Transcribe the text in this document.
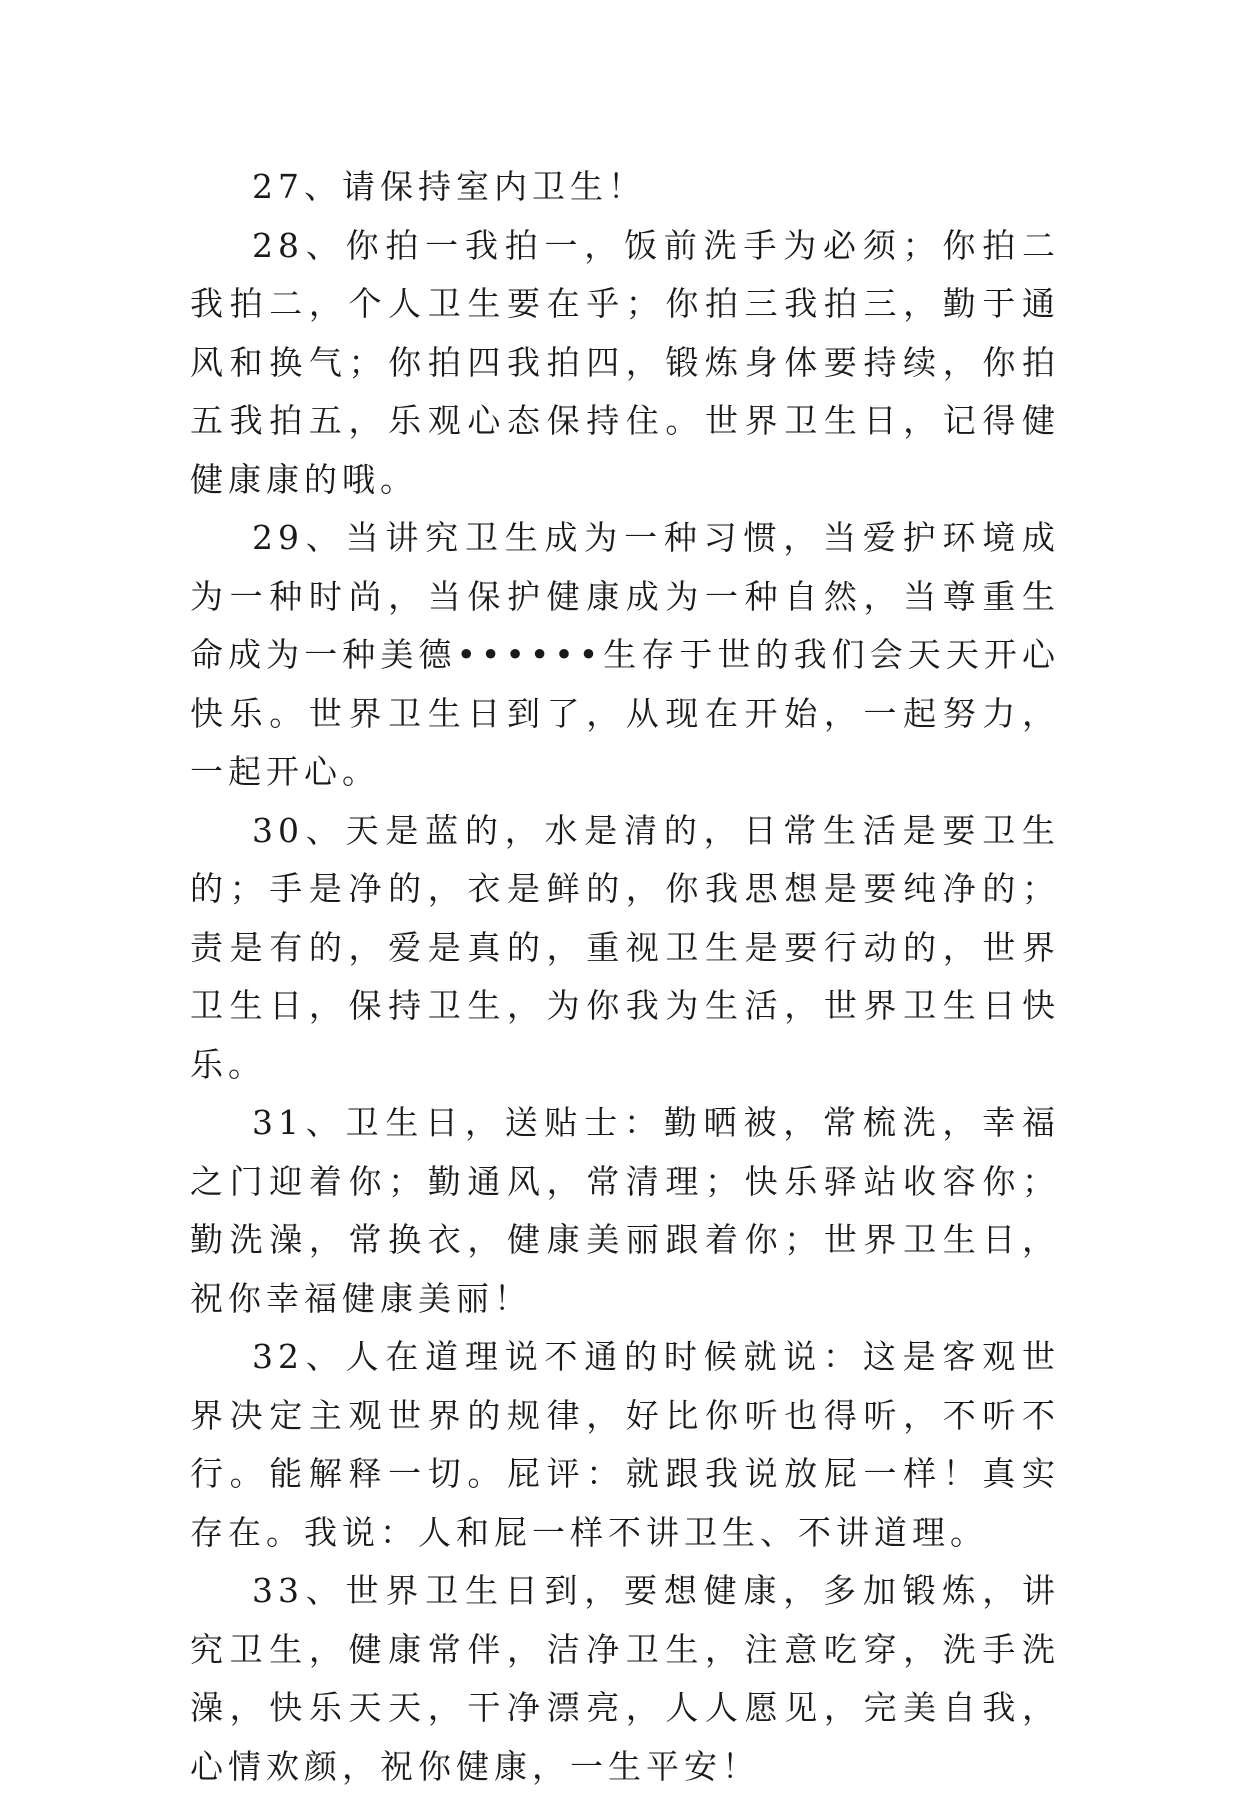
27、请保持室内卫生！

28、你拍一我拍一，饭前洗手为必须；你拍二我拍二，个人卫生要在乎；你拍三我拍三，勤于通风和换气；你拍四我拍四，锻炼身体要持续，你拍五我拍五，乐观心态保持住。世界卫生日，记得健健康康的哦。

29、当讲究卫生成为一种习惯，当爱护环境成为一种时尚，当保护健康成为一种自然，当尊重生命成为一种美德••••••生存于世的我们会天天开心快乐。世界卫生日到了，从现在开始，一起努力，一起开心。

30、天是蓝的，水是清的，日常生活是要卫生的；手是净的，衣是鲜的，你我思想是要纯净的；责是有的，爱是真的，重视卫生是要行动的，世界卫生日，保持卫生，为你我为生活，世界卫生日快乐。

31、卫生日，送贴士：勤晒被，常梳洗，幸福之门迎着你；勤通风，常清理；快乐驿站收容你；勤洗澡，常换衣，健康美丽跟着你；世界卫生日，祝你幸福健康美丽！

32、人在道理说不通的时候就说：这是客观世界决定主观世界的规律，好比你听也得听，不听不行。能解释一切。屁评：就跟我说放屁一样！真实存在。我说：人和屁一样不讲卫生、不讲道理。

33、世界卫生日到，要想健康，多加锻炼，讲究卫生，健康常伴，洁净卫生，注意吃穿，洗手洗澡，快乐天天，干净漂亮，人人愿见，完美自我，心情欢颜，祝你健康，一生平安！
